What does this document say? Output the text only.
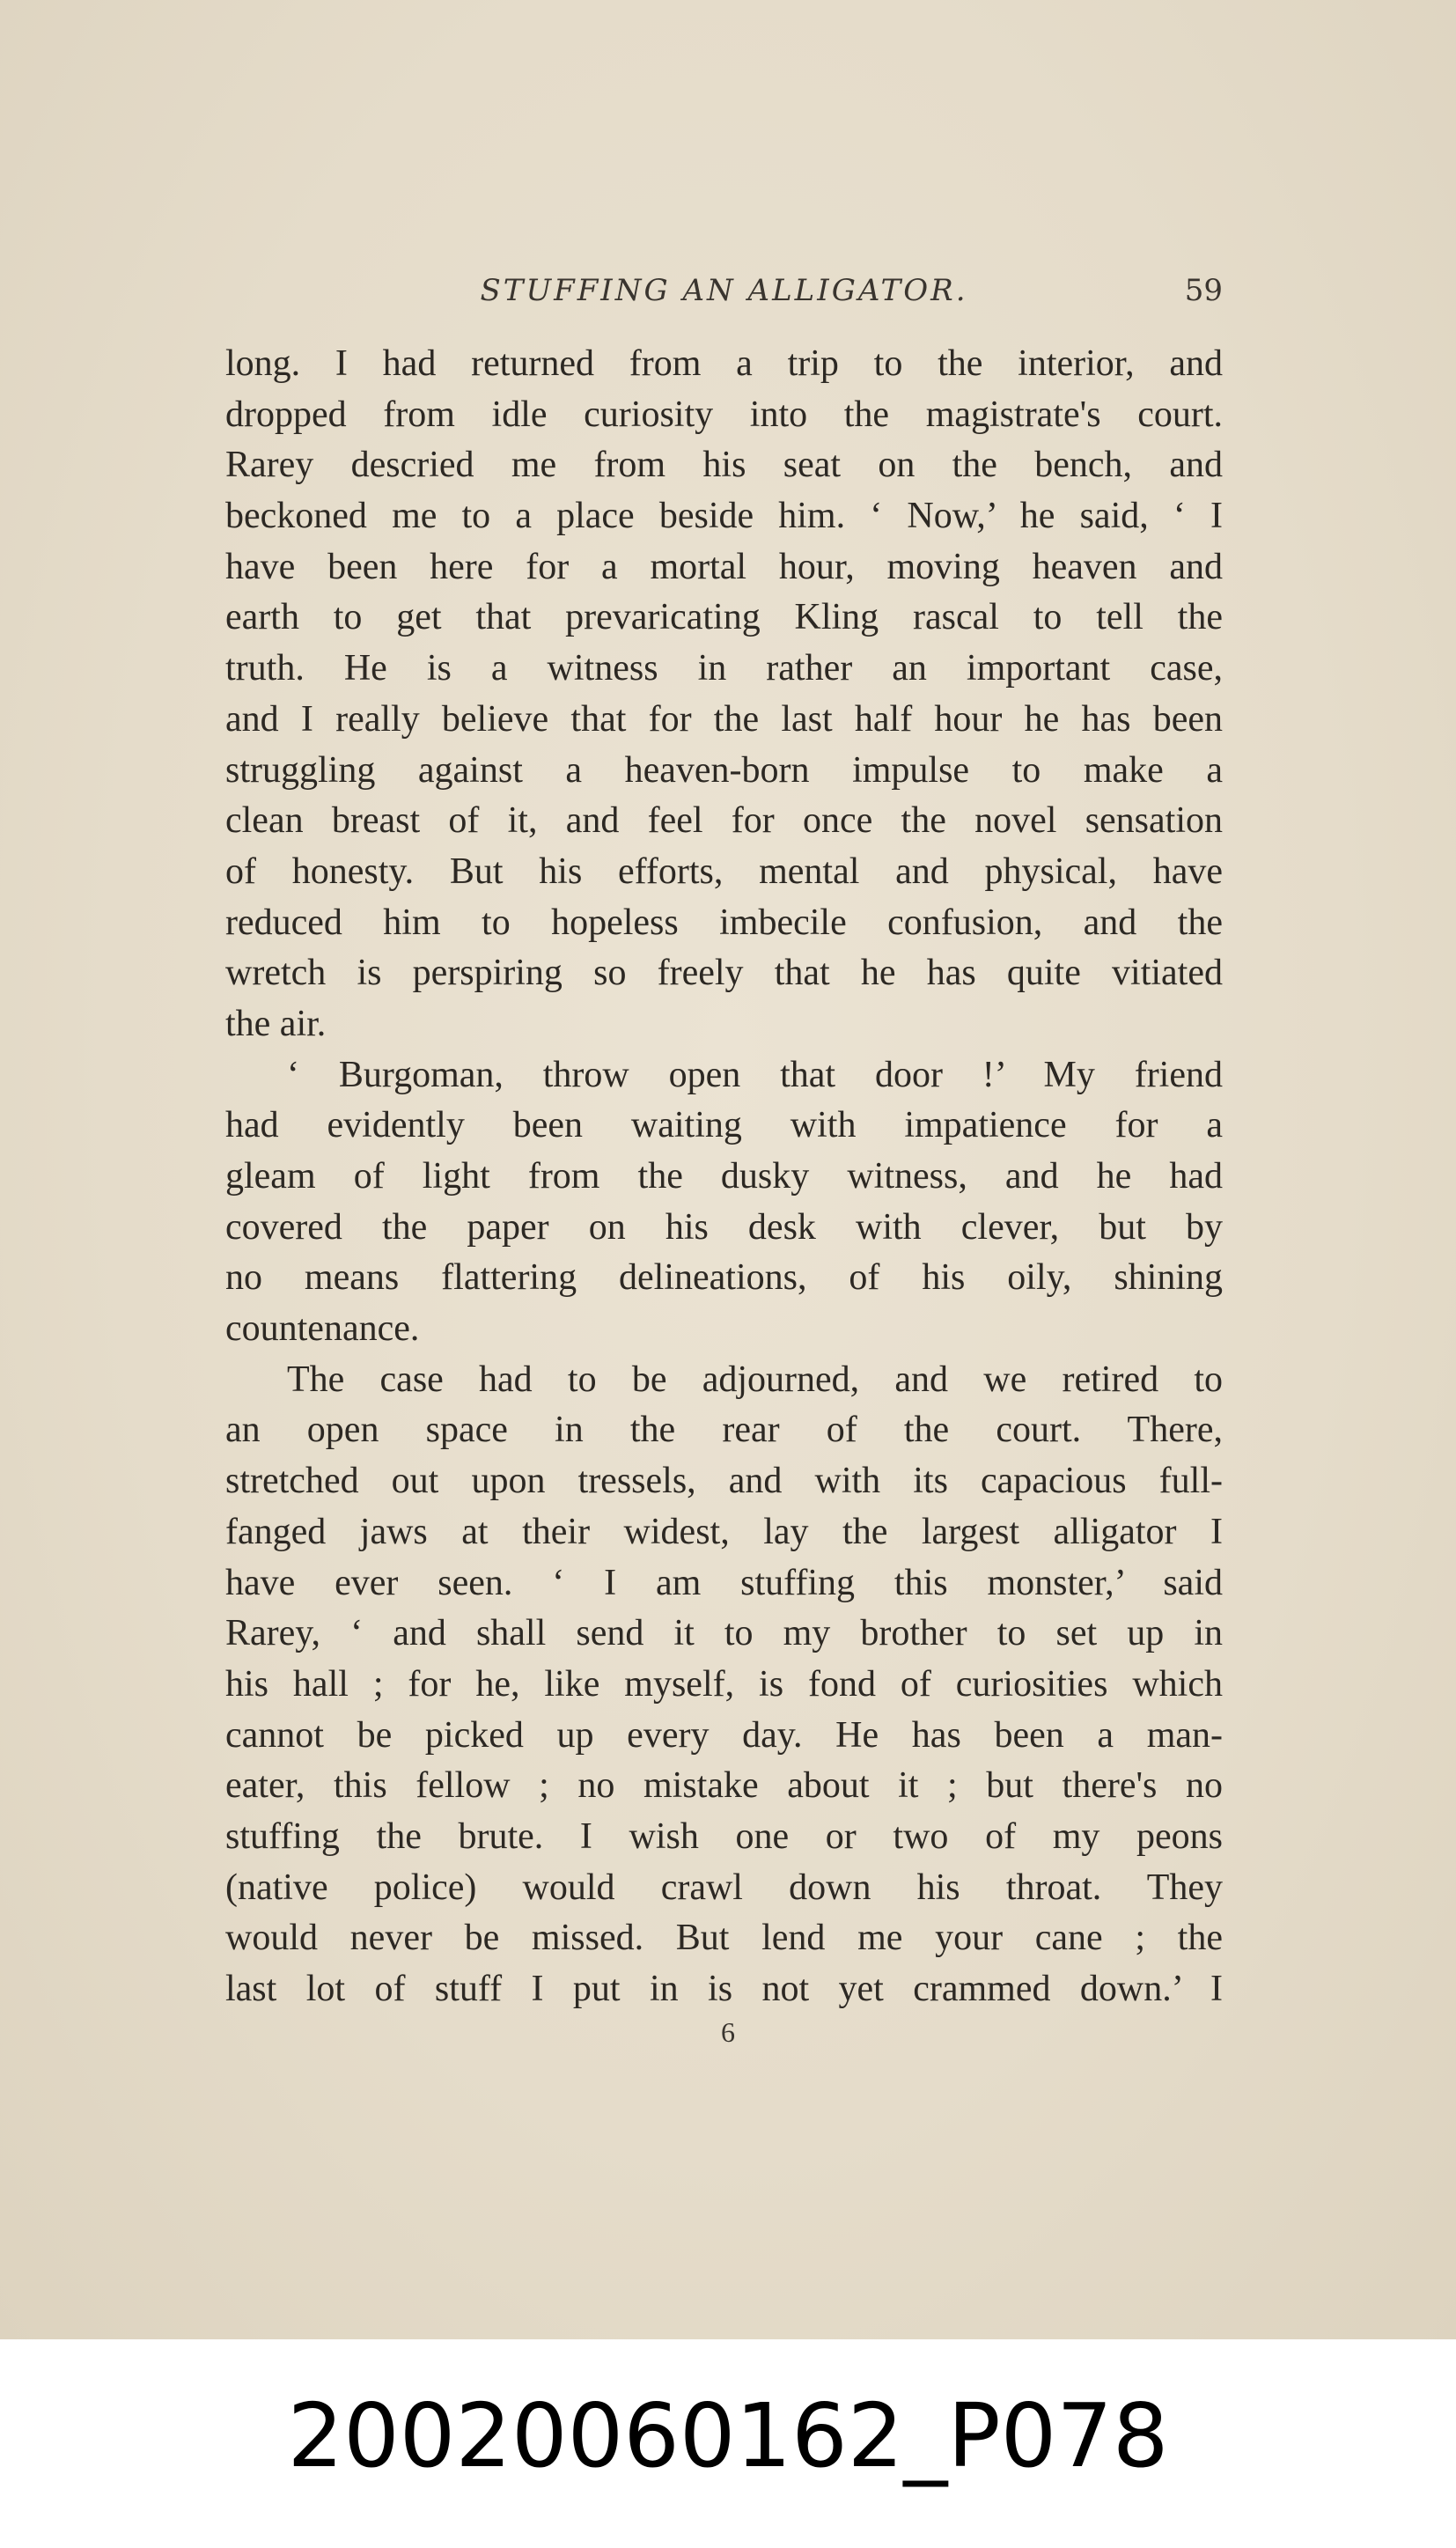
STUFFING AN ALLIGATOR.	59
long. I had returned from a trip to the interior, and
dropped from idle curiosity into the magistrate's court.
Rarey descried me from his seat on the bench, and
beckoned me to a place beside him. ‘ Now,’ he said, ‘ I
have been here for a mortal hour, moving heaven and
earth to get that prevaricating Kling rascal to tell the
truth. He is a witness in rather an important case,
and I really believe that for the last half hour he has been
struggling against a heaven-born impulse to make a
clean breast of it, and feel for once the novel sensation
of honesty. But his efforts, mental and physical, have
reduced him to hopeless imbecile confusion, and the
wretch is perspiring so freely that he has quite vitiated
the air.
‘ Burgoman, throw open that door !’ My friend
had evidently been waiting with impatience for a
gleam of light from the dusky witness, and he had
covered the paper on his desk with clever, but by
no means flattering delineations, of his oily, shining
countenance.
The case had to be adjourned, and we retired to
an open space in the rear of the court. There,
stretched out upon tressels, and with its capacious full-
fanged jaws at their widest, lay the largest alligator I
have ever seen. ‘ I am stuffing this monster,’ said
Rarey, ‘ and shall send it to my brother to set up in
his hall ; for he, like myself, is fond of curiosities which
cannot be picked up every day. He has been a man-
eater, this fellow ; no mistake about it ; but there's no
stuffing the brute. I wish one or two of my peons
(native police) would crawl down his throat. They
would never be missed. But lend me your cane ; the
last lot of stuff I put in is not yet crammed down.’ I
6
20020060162_P078
